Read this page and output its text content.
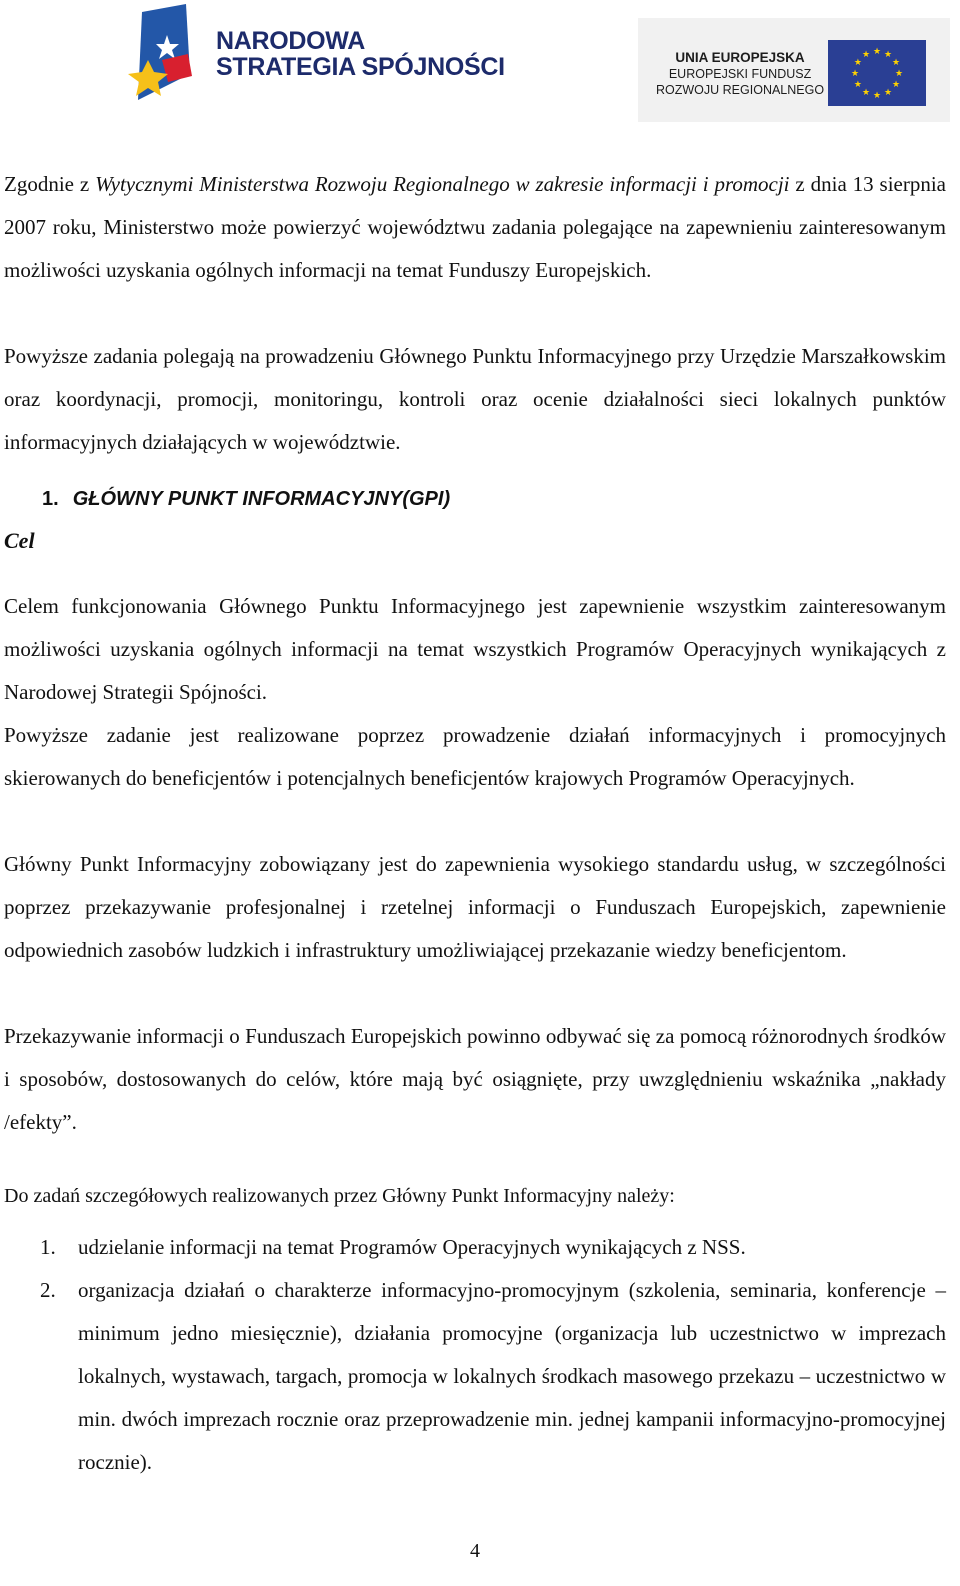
NARODOWA
STRATEGIA SPÓJNOŚCI	UNIA EUROPEJSKA
EUROPEJSKI FUNDUSZ
ROZWOJU REGIONALNEGO
★ ★
★
★
★
★
★
★
★
★
★
★

Zgodnie z Wytycznymi Ministerstwa Rozwoju Regionalnego w zakresie informacji i promocji z dnia 13 sierpnia 2007 roku, Ministerstwo może powierzyć województwu zadania polegające na zapewnieniu zainteresowanym możliwości uzyskania ogólnych informacji na temat Funduszy Europejskich.

Powyższe zadania polegają na prowadzeniu Głównego Punktu Informacyjnego przy Urzędzie Marszałkowskim oraz koordynacji, promocji, monitoringu, kontroli oraz ocenie działalności sieci lokalnych punktów informacyjnych działających w województwie.

1. GŁÓWNY PUNKT INFORMACYJNY(GPI)
Cel

Celem funkcjonowania Głównego Punktu Informacyjnego jest zapewnienie wszystkim zainteresowanym możliwości uzyskania ogólnych informacji na temat wszystkich Programów Operacyjnych wynikających z Narodowej Strategii Spójności.

Powyższe zadanie jest realizowane poprzez prowadzenie działań informacyjnych i promocyjnych skierowanych do beneficjentów i potencjalnych beneficjentów krajowych Programów Operacyjnych.

Główny Punkt Informacyjny zobowiązany jest do zapewnienia wysokiego standardu usług, w szczególności poprzez przekazywanie profesjonalnej i rzetelnej informacji o Funduszach Europejskich, zapewnienie odpowiednich zasobów ludzkich i infrastruktury umożliwiającej przekazanie wiedzy beneficjentom.

Przekazywanie informacji o Funduszach Europejskich powinno odbywać się za pomocą różnorodnych środków i sposobów, dostosowanych do celów, które mają być osiągnięte, przy uwzględnieniu wskaźnika „nakłady /efekty”.

Do zadań szczegółowych realizowanych przez Główny Punkt Informacyjny należy:
1. udzielanie informacji na temat Programów Operacyjnych wynikających z NSS.
2. organizacja działań o charakterze informacyjno-promocyjnym (szkolenia, seminaria, konferencje – minimum jedno miesięcznie), działania promocyjne (organizacja lub uczestnictwo w imprezach lokalnych, wystawach, targach, promocja w lokalnych środkach masowego przekazu – uczestnictwo w min. dwóch imprezach rocznie oraz przeprowadzenie min. jednej kampanii informacyjno-promocyjnej rocznie).
4
